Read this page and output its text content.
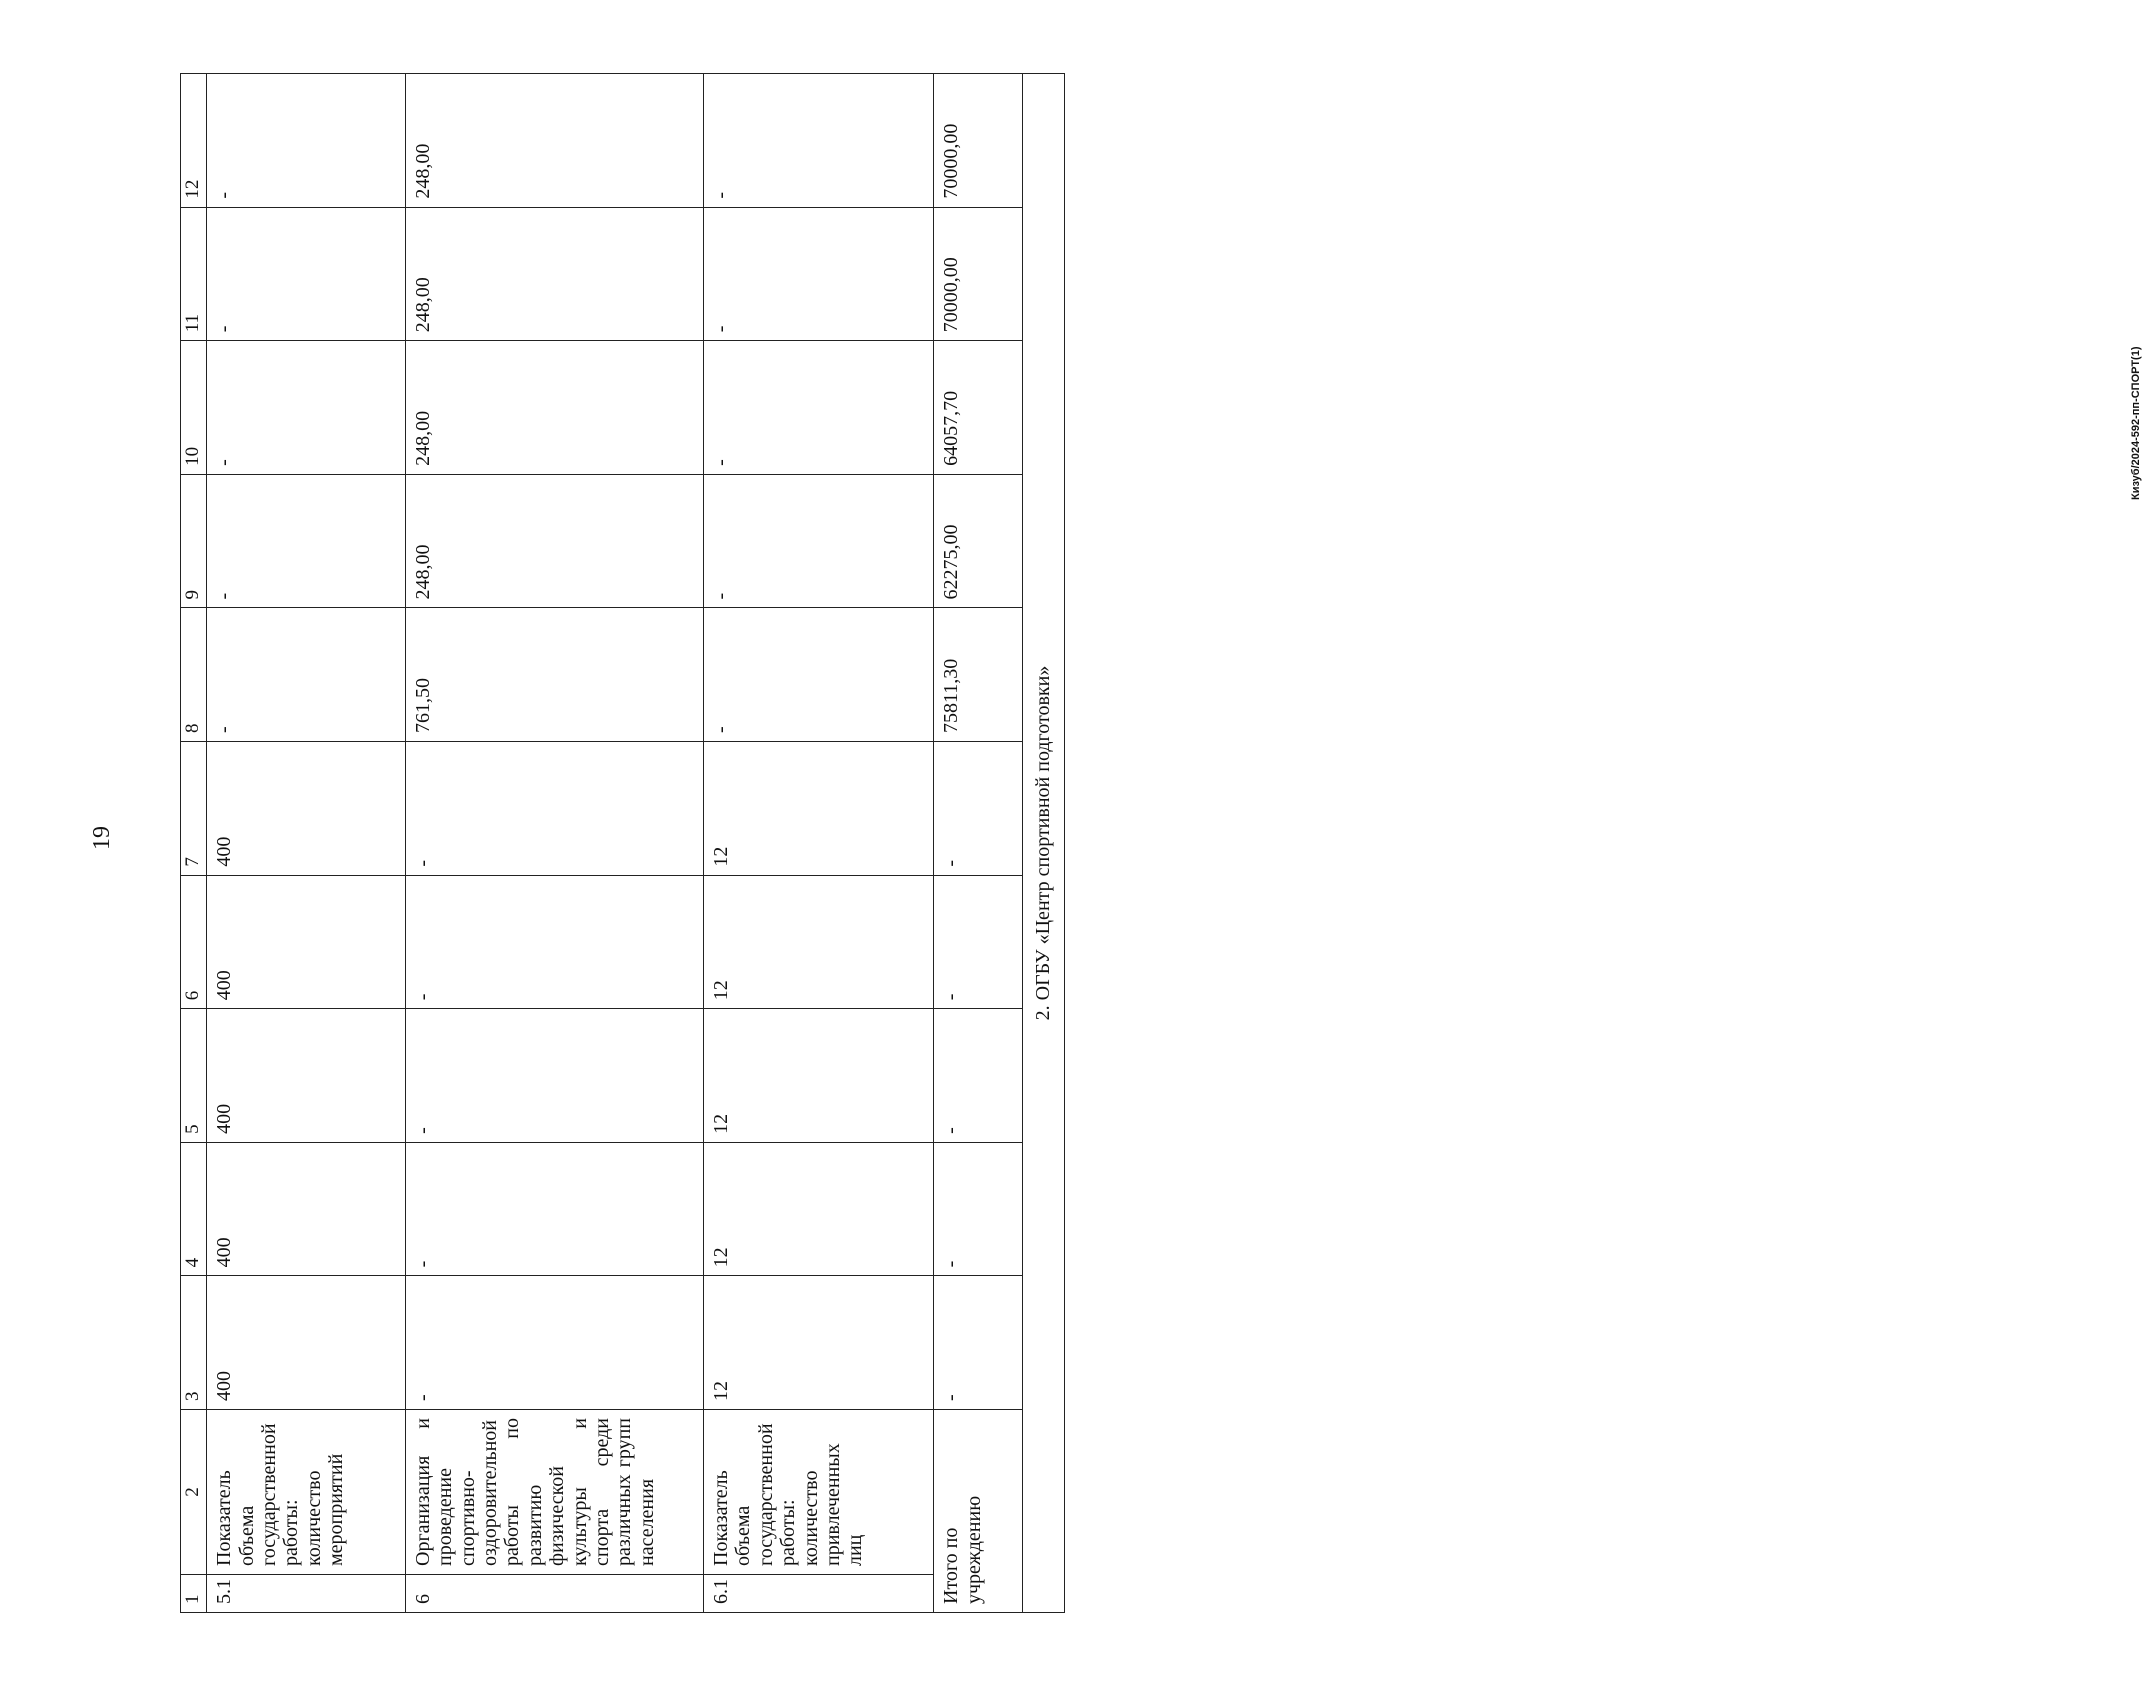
19
Кизуб/2024-592-пп-СПОРТ(1)
1	2	3	4	5	6	7	8	9	10	11	12
5.1	Показатель объема государственной работы: количество мероприятий	400	400	400	400	400	-	-	-	-	-
6	Организация и проведение спортивно-оздоровительной работы по развитию физической культуры и спорта среди различных групп населения	-	-	-	-	-	761,50	248,00	248,00	248,00	248,00
6.1	Показатель объема государственной работы: количество привлеченных лиц	12	12	12	12	12	-	-	-	-	-
Итого по учреждению		-	-	-	-	-	75811,30	62275,00	64057,70	70000,00	70000,00
2. ОГБУ «Центр спортивной подготовки»											
